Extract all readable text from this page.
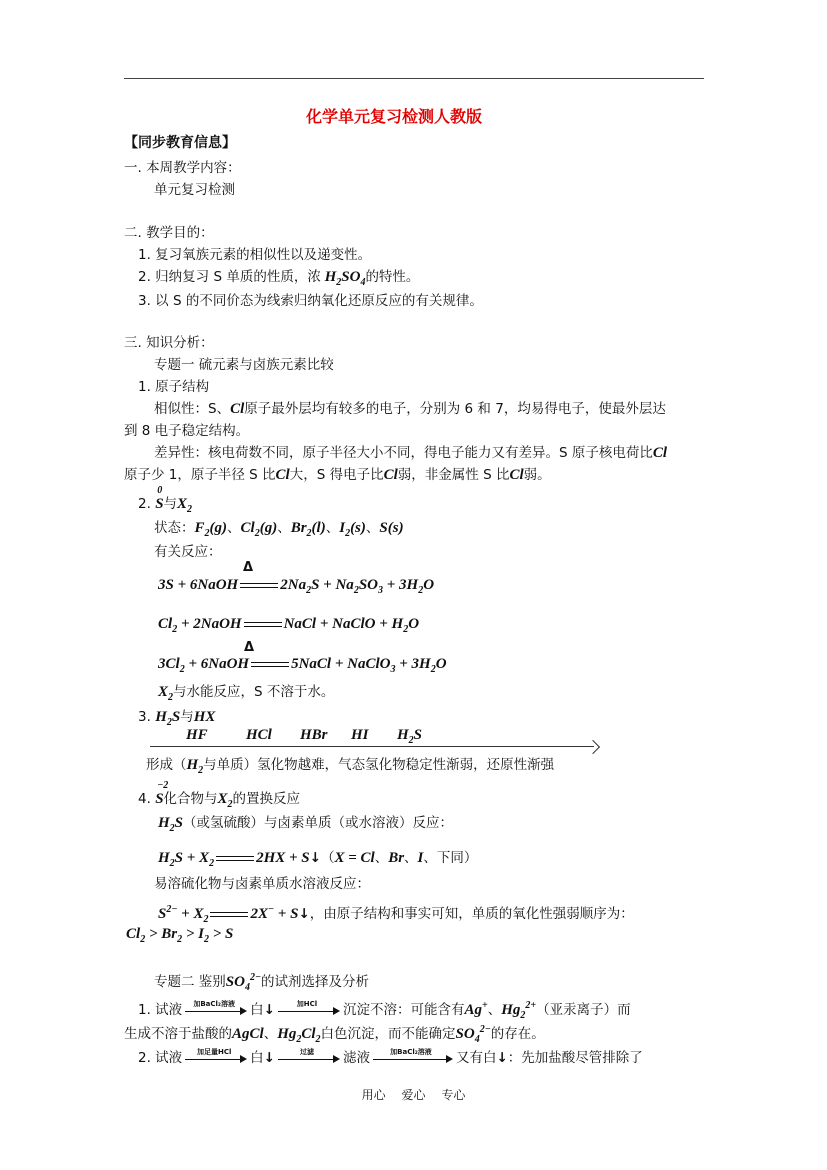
化学单元复习检测人教版
【同步教育信息】
一. 本周教学内容：
单元复习检测
二. 教学目的：
1. 复习氧族元素的相似性以及递变性。
2. 归纳复习 S 单质的性质，浓 $H_2SO_4$的特性。
3. 以 S 的不同价态为线索归纳氧化还原反应的有关规律。
三. 知识分析：
专题一 硫元素与卤族元素比较
1. 原子结构
相似性：S、Cl原子最外层均有较多的电子，分别为 6 和 7，均易得电子，使最外层达
到 8 电子稳定结构。
差异性：核电荷数不同，原子半径大小不同，得电子能力又有差异。S 原子核电荷比Cl
原子少 1，原子半径 S 比Cl大，S 得电子比Cl弱，非金属性 S 比Cl弱。
2.
0
S与$X_2$
状态：$F_2(g)$、$Cl_2(g)$、$Br_2(l)$、$I_2(s)$、S(s)
有关反应：
Δ
3S + 6NaOH	$2Na_2S + Na_2SO_3 + 3H_2O$
$Cl_2$ + 2NaOH	NaCl + NaClO + $H_2O$
Δ
$3Cl_2$ + 6NaOH	5NaCl + NaClO$_3$ + $3H_2O$
$X_2$与水能反应，S 不溶于水。
3. $H_2S$与HX
HF	HCl HBr HI $H_2S$
形成（$H_2$与单质）氢化物越难，气态氢化物稳定性渐弱，还原性渐强
4.
−2
S化合物与$X_2$的置换反应
$H_2S$（或氢硫酸）与卤素单质（或水溶液）反应：
$H_2S + X_2$	2HX + S↓（X = Cl、Br、I、下同）
易溶硫化物与卤素单质水溶液反应：
$S^{2-} + X_2$	2X− + S↓，由原子结构和事实可知，单质的氧化性强弱顺序为：
$Cl_2 > Br_2 > I_2 > S$
专题二 鉴别$SO_4^{2-}$的试剂选择及分析
1. 试液	加BaCl₂溶液	白↓	加HCl	沉淀不溶：可能含有Ag+、$Hg_2^{2+}$（亚汞离子）而
生成不溶于盐酸的AgCl、$Hg_2Cl_2$白色沉淀，而不能确定$SO_4^{2-}$的存在。
2. 试液	加足量HCl	白↓	过滤	滤液	加BaCl₂溶液	又有白↓：先加盐酸尽管排除了
用心 爱心 专心
